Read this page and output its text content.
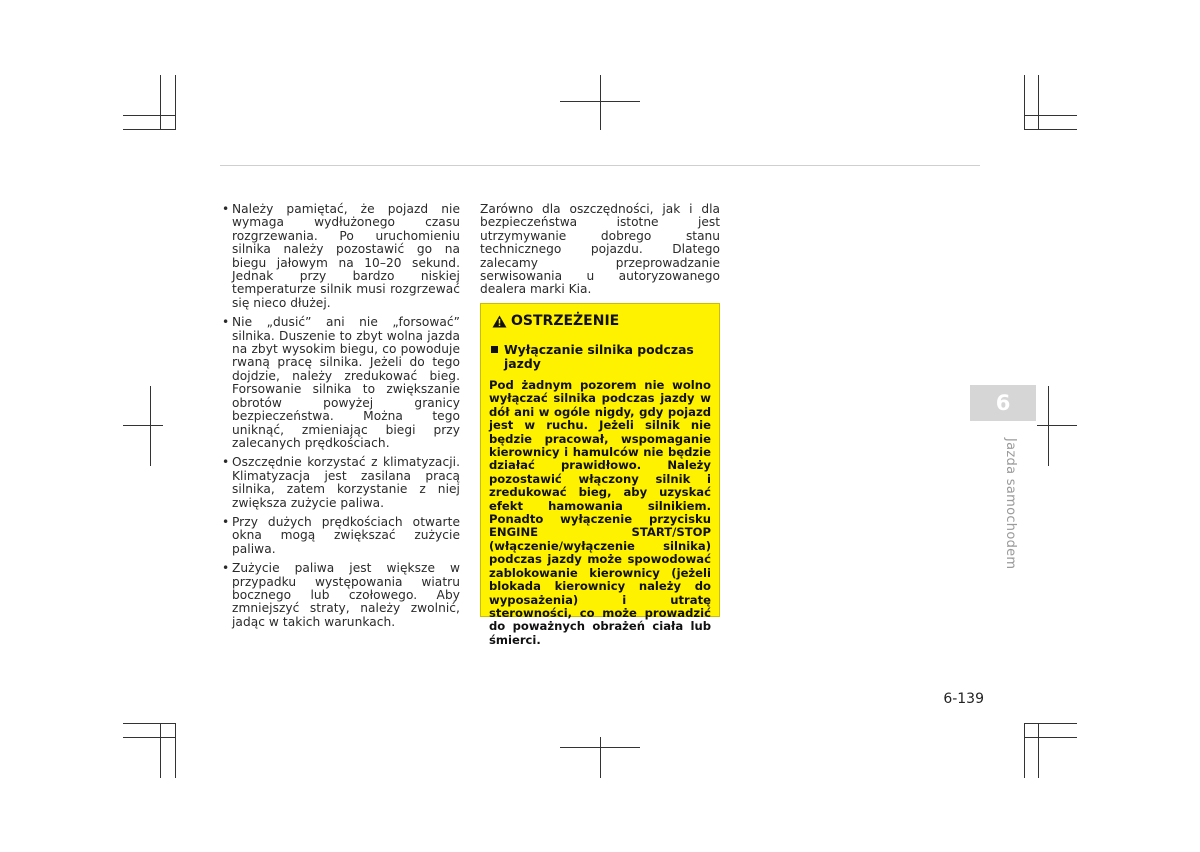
• Należy pamiętać, że pojazd nie wymaga wydłużonego czasu rozgrzewania. Po uruchomieniu silnika należy pozostawić go na biegu jałowym na 10–20 sekund. Jednak przy bardzo niskiej temperaturze silnik musi rozgrzewać się nieco dłużej.
• Nie „dusić” ani nie „forsować” silnika. Duszenie to zbyt wolna jazda na zbyt wysokim biegu, co powoduje rwaną pracę silnika. Jeżeli do tego dojdzie, należy zredukować bieg. Forsowanie silnika to zwiększanie obrotów powyżej granicy bezpieczeństwa. Można tego uniknąć, zmieniając biegi przy zalecanych prędkościach.
• Oszczędnie korzystać z klimatyzacji. Klimatyzacja jest zasilana pracą silnika, zatem korzystanie z niej zwiększa zużycie paliwa.
• Przy dużych prędkościach otwarte okna mogą zwiększać zużycie paliwa.
• Zużycie paliwa jest większe w przypadku występowania wiatru bocznego lub czołowego. Aby zmniejszyć straty, należy zwolnić, jadąc w takich warunkach.

Zarówno dla oszczędności, jak i dla bezpieczeństwa istotne jest utrzymywanie dobrego stanu technicznego pojazdu. Dlatego zalecamy przeprowadzanie serwisowania u autoryzowanego dealera marki Kia.

OSTRZEŻENIE
Wyłączanie silnika podczas jazdy

Pod żadnym pozorem nie wolno wyłączać silnika podczas jazdy w dół ani w ogóle nigdy, gdy pojazd jest w ruchu. Jeżeli silnik nie będzie pracował, wspomaganie kierownicy i hamulców nie będzie działać prawidłowo. Należy pozostawić włączony silnik i zredukować bieg, aby uzyskać efekt hamowania silnikiem. Ponadto wyłączenie przycisku ENGINE START/STOP (włączenie/wyłączenie silnika) podczas jazdy może spowodować zablokowanie kierownicy (jeżeli blokada kierownicy należy do wyposażenia) i utratę sterowności, co może prowadzić do poważnych obrażeń ciała lub śmierci.

6
Jazda samochodem
6-139
